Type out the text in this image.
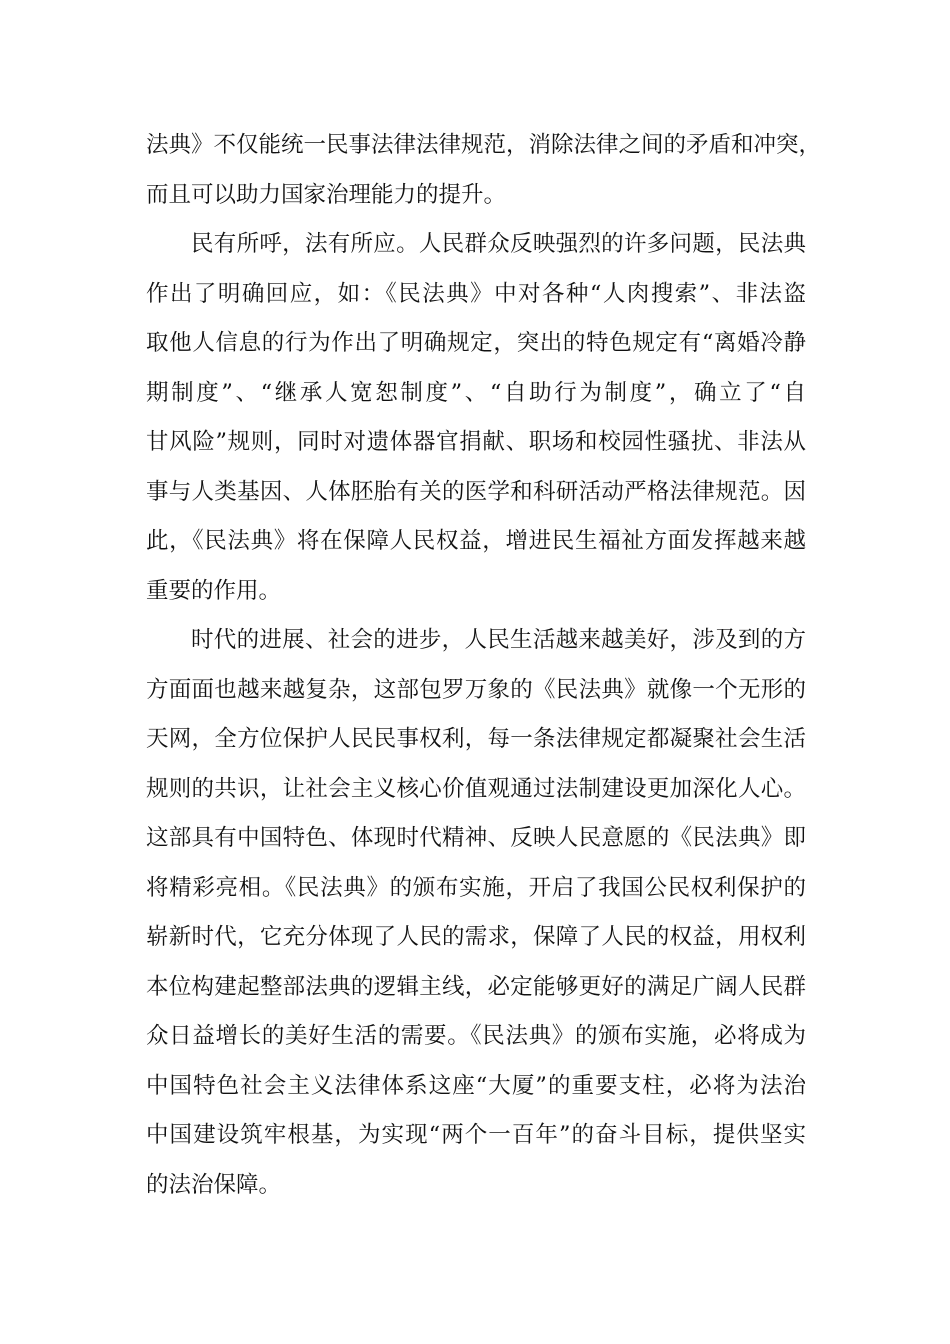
法典》不仅能统一民事法律法律规范，消除法律之间的矛盾和冲突，
而且可以助力国家治理能力的提升。
民有所呼，法有所应。人民群众反映强烈的许多问题，民法典
作出了明确回应，如：《民法典》中对各种“人肉搜索”、非法盗
取他人信息的行为作出了明确规定，突出的特色规定有“离婚冷静
期制度”、“继承人宽恕制度”、“自助行为制度”，确立了“自
甘风险”规则，同时对遗体器官捐献、职场和校园性骚扰、非法从
事与人类基因、人体胚胎有关的医学和科研活动严格法律规范。因
此，《民法典》将在保障人民权益，增进民生福祉方面发挥越来越
重要的作用。
时代的进展、社会的进步，人民生活越来越美好，涉及到的方
方面面也越来越复杂，这部包罗万象的《民法典》就像一个无形的
天网，全方位保护人民民事权利，每一条法律规定都凝聚社会生活
规则的共识，让社会主义核心价值观通过法制建设更加深化人心。
这部具有中国特色、体现时代精神、反映人民意愿的《民法典》即
将精彩亮相。《民法典》的颁布实施，开启了我国公民权利保护的
崭新时代，它充分体现了人民的需求，保障了人民的权益，用权利
本位构建起整部法典的逻辑主线，必定能够更好的满足广阔人民群
众日益增长的美好生活的需要。《民法典》的颁布实施，必将成为
中国特色社会主义法律体系这座“大厦”的重要支柱，必将为法治
中国建设筑牢根基，为实现“两个一百年”的奋斗目标，提供坚实
的法治保障。
